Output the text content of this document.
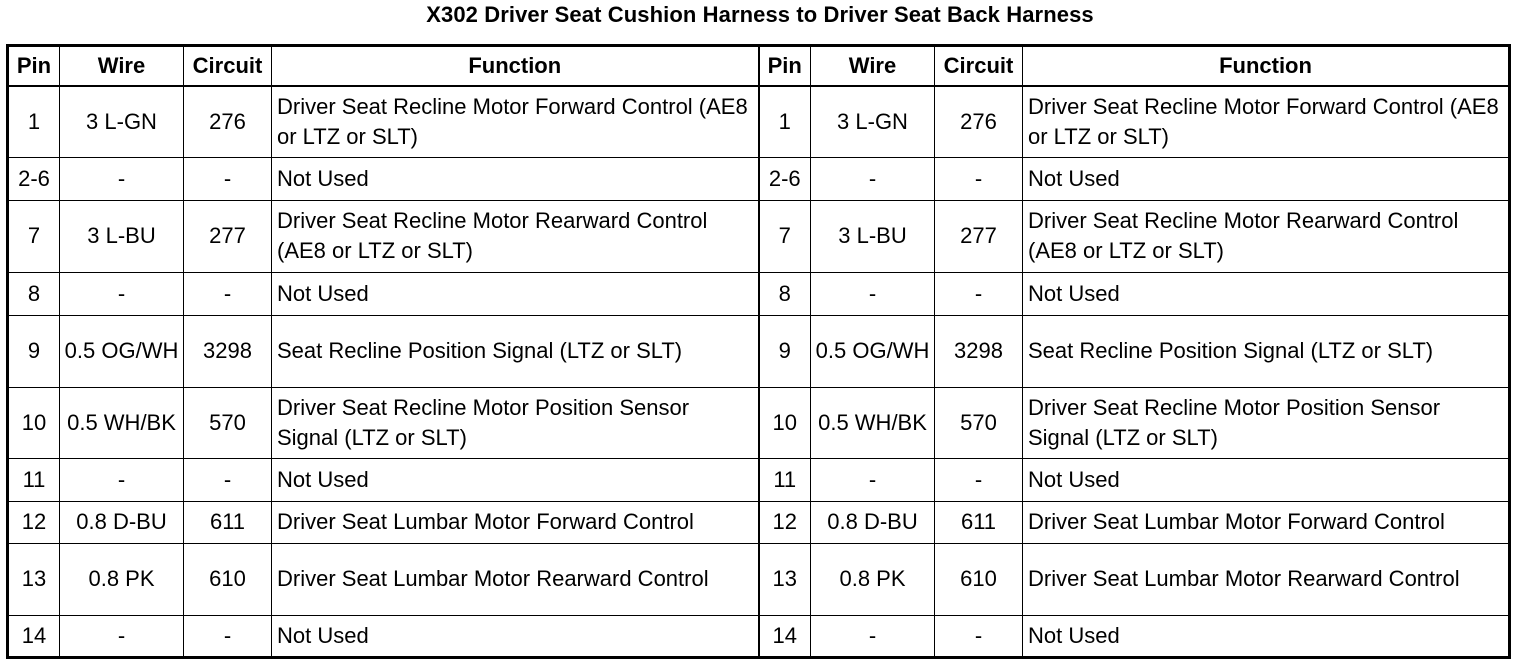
X302 Driver Seat Cushion Harness to Driver Seat Back Harness
Pin	Wire	Circuit	Function	Pin	Wire	Circuit	Function
1	3 L-GN	276	Driver Seat Recline Motor Forward Control (AE8 or LTZ or SLT)	1	3 L-GN	276	Driver Seat Recline Motor Forward Control (AE8 or LTZ or SLT)
2-6	-	-	Not Used	2-6	-	-	Not Used
7	3 L-BU	277	Driver Seat Recline Motor Rearward Control (AE8 or LTZ or SLT)	7	3 L-BU	277	Driver Seat Recline Motor Rearward Control (AE8 or LTZ or SLT)
8	-	-	Not Used	8	-	-	Not Used
9	0.5 OG/WH	3298	Seat Recline Position Signal (LTZ or SLT)	9	0.5 OG/WH	3298	Seat Recline Position Signal (LTZ or SLT)
10	0.5 WH/BK	570	Driver Seat Recline Motor Position Sensor Signal (LTZ or SLT)	10	0.5 WH/BK	570	Driver Seat Recline Motor Position Sensor Signal (LTZ or SLT)
11	-	-	Not Used	11	-	-	Not Used
12	0.8 D-BU	611	Driver Seat Lumbar Motor Forward Control	12	0.8 D-BU	611	Driver Seat Lumbar Motor Forward Control
13	0.8 PK	610	Driver Seat Lumbar Motor Rearward Control	13	0.8 PK	610	Driver Seat Lumbar Motor Rearward Control
14	-	-	Not Used	14	-	-	Not Used
